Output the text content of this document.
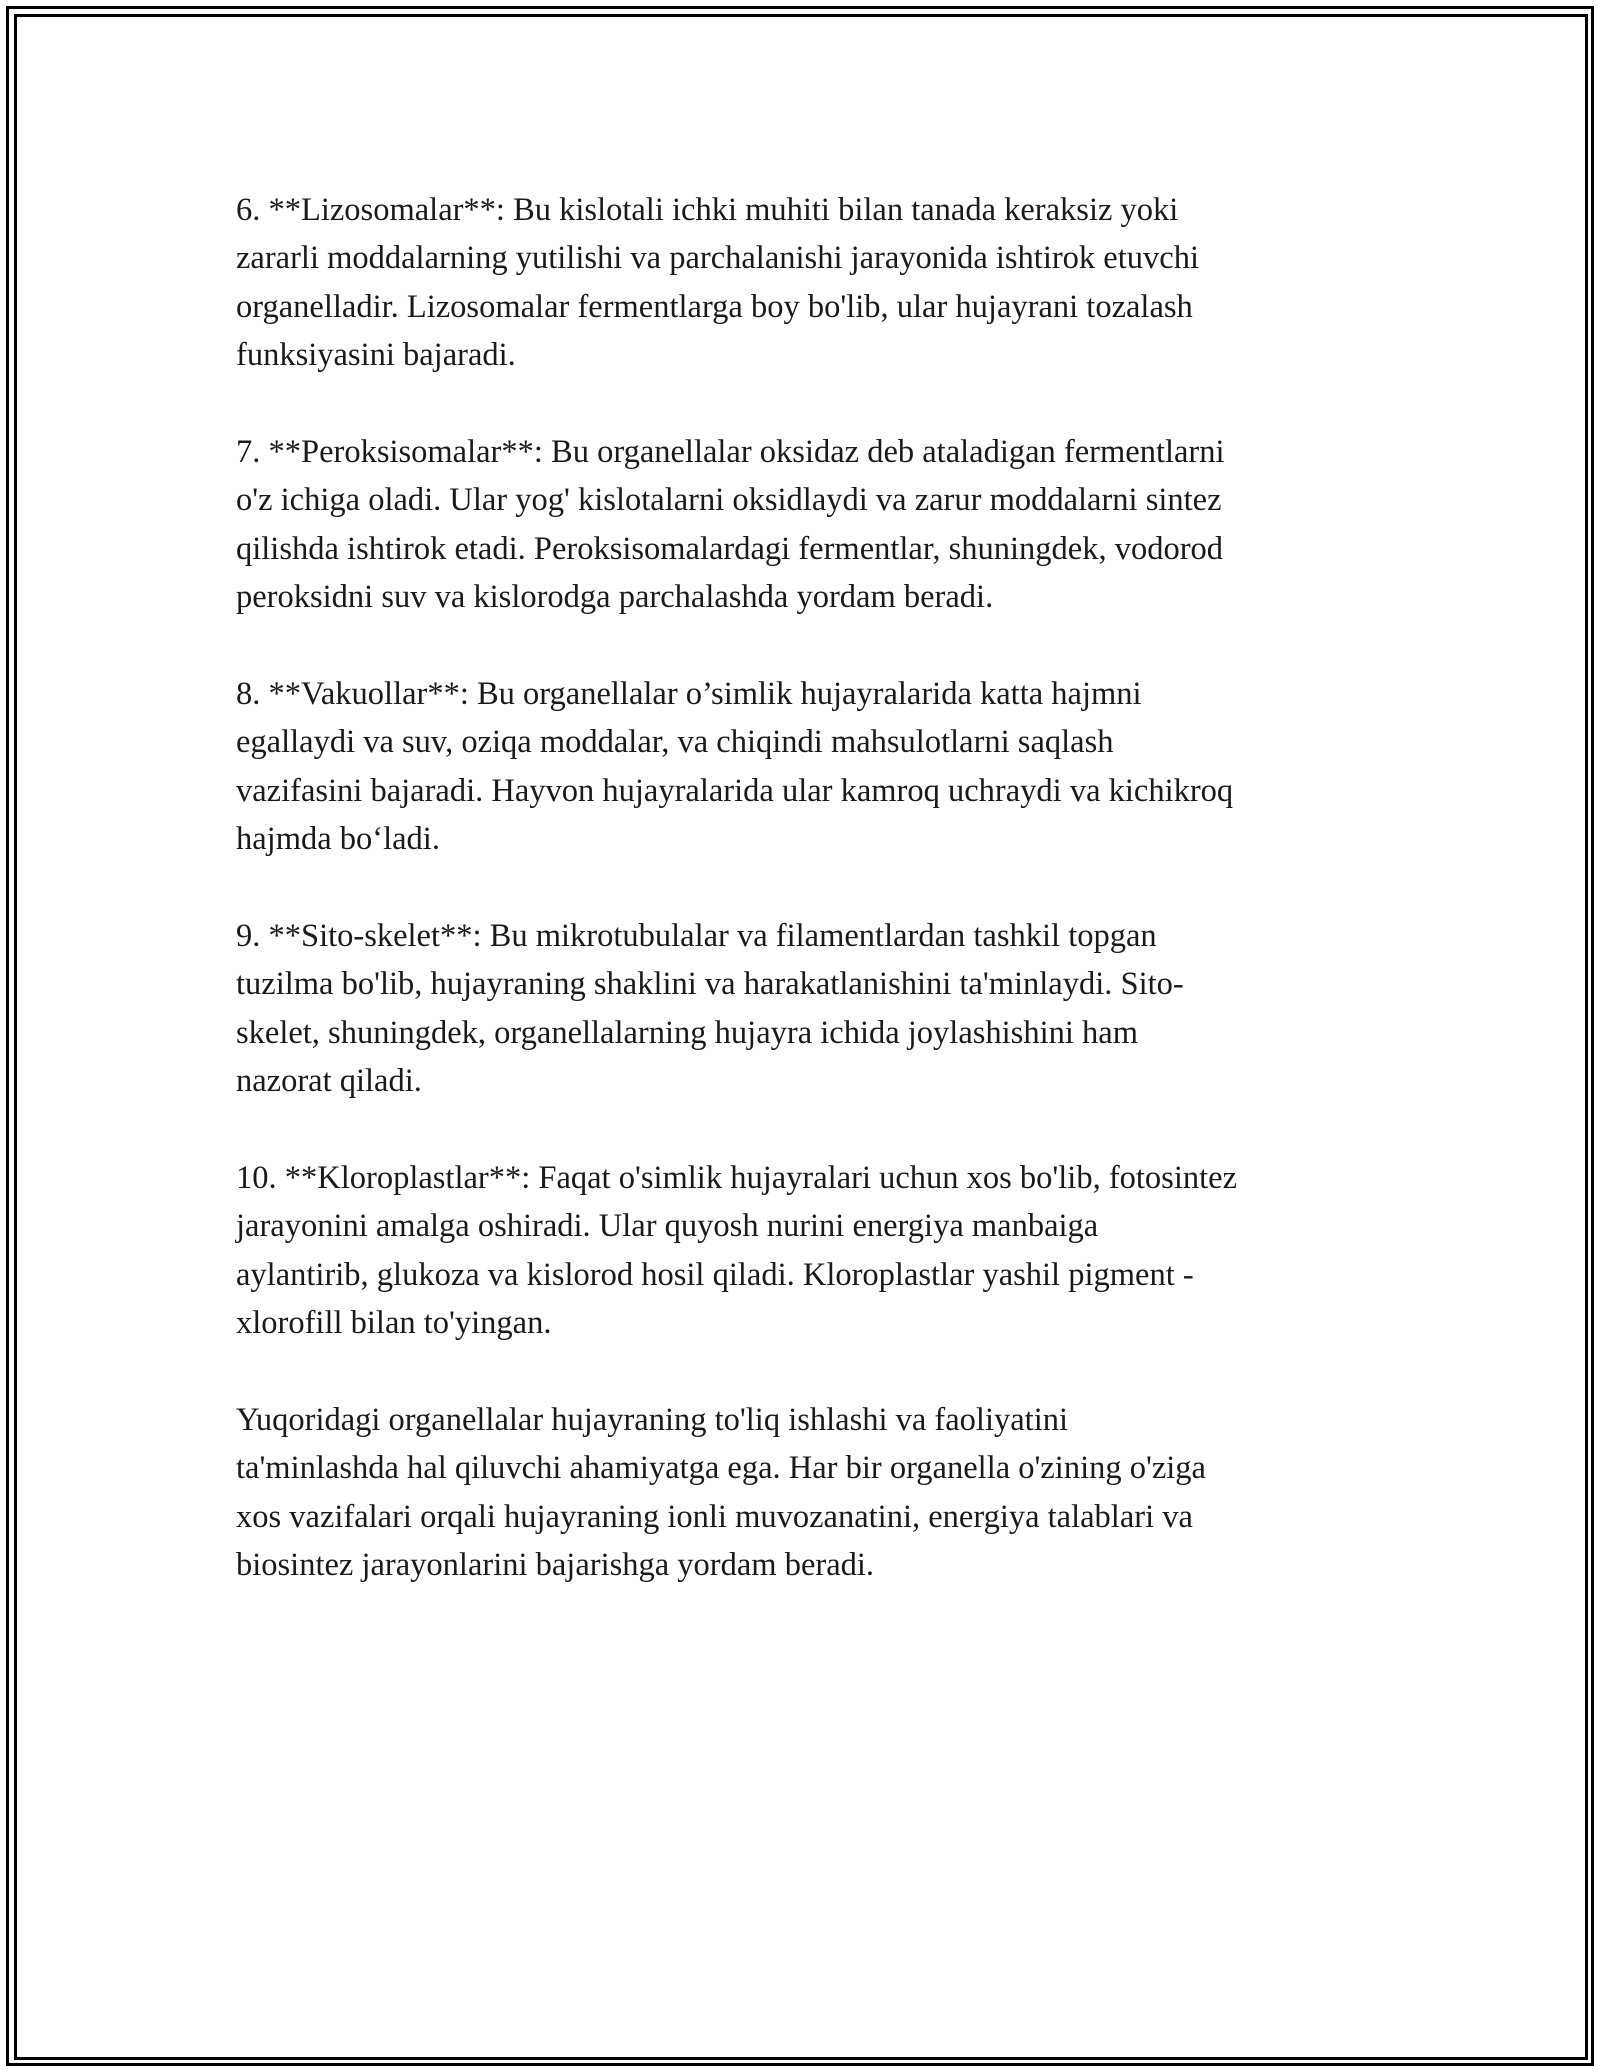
6. **Lizosomalar**: Bu kislotali ichki muhiti bilan tanada keraksiz yoki
zararli moddalarning yutilishi va parchalanishi jarayonida ishtirok etuvchi
organelladir. Lizosomalar fermentlarga boy bo'lib, ular hujayrani tozalash
funksiyasini bajaradi.

7. **Peroksisomalar**: Bu organellalar oksidaz deb ataladigan fermentlarni
o'z ichiga oladi. Ular yog' kislotalarni oksidlaydi va zarur moddalarni sintez
qilishda ishtirok etadi. Peroksisomalardagi fermentlar, shuningdek, vodorod
peroksidni suv va kislorodga parchalashda yordam beradi.

8. **Vakuollar**: Bu organellalar o’simlik hujayralarida katta hajmni
egallaydi va suv, oziqa moddalar, va chiqindi mahsulotlarni saqlash
vazifasini bajaradi. Hayvon hujayralarida ular kamroq uchraydi va kichikroq
hajmda bo‘ladi.

9. **Sito-skelet**: Bu mikrotubulalar va filamentlardan tashkil topgan
tuzilma bo'lib, hujayraning shaklini va harakatlanishini ta'minlaydi. Sito-
skelet, shuningdek, organellalarning hujayra ichida joylashishini ham
nazorat qiladi.

10. **Kloroplastlar**: Faqat o'simlik hujayralari uchun xos bo'lib, fotosintez
jarayonini amalga oshiradi. Ular quyosh nurini energiya manbaiga
aylantirib, glukoza va kislorod hosil qiladi. Kloroplastlar yashil pigment -
xlorofill bilan to'yingan.

Yuqoridagi organellalar hujayraning to'liq ishlashi va faoliyatini
ta'minlashda hal qiluvchi ahamiyatga ega. Har bir organella o'zining o'ziga
xos vazifalari orqali hujayraning ionli muvozanatini, energiya talablari va
biosintez jarayonlarini bajarishga yordam beradi.
